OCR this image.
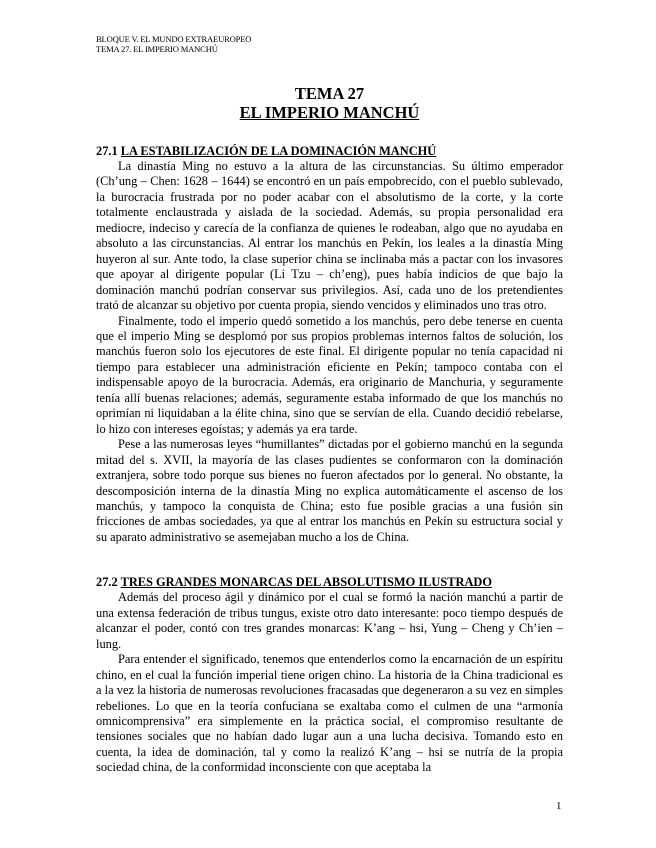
BLOQUE V. EL MUNDO EXTRAEUROPEO
TEMA 27. EL IMPERIO MANCHÚ
TEMA 27
EL IMPERIO MANCHÚ
27.1 LA ESTABILIZACIÓN DE LA DOMINACIÓN MANCHÚ

La dinastía Ming no estuvo a la altura de las circunstancias. Su último emperador (Ch’ung – Chen: 1628 – 1644) se encontró en un país empobrecido, con el pueblo sublevado, la burocracia frustrada por no poder acabar con el absolutismo de la corte, y la corte totalmente enclaustrada y aislada de la sociedad. Además, su propia personalidad era mediocre, indeciso y carecía de la confianza de quienes le rodeaban, algo que no ayudaba en absoluto a las circunstancias. Al entrar los manchús en Pekín, los leales a la dinastía Ming huyeron al sur. Ante todo, la clase superior china se inclinaba más a pactar con los invasores que apoyar al dirigente popular (Li Tzu – ch’eng), pues había indicios de que bajo la dominación manchú podrían conservar sus privilegios. Así, cada uno de los pretendientes trató de alcanzar su objetivo por cuenta propia, siendo vencidos y eliminados uno tras otro.

Finalmente, todo el imperio quedó sometido a los manchús, pero debe tenerse en cuenta que el imperio Ming se desplomó por sus propios problemas internos faltos de solución, los manchús fueron solo los ejecutores de este final. El dirigente popular no tenía capacidad ni tiempo para establecer una administración eficiente en Pekín; tampoco contaba con el indispensable apoyo de la burocracia. Además, era originario de Manchuria, y seguramente tenía allí buenas relaciones; además, seguramente estaba informado de que los manchús no oprimían ni liquidaban a la élite china, sino que se servían de ella. Cuando decidió rebelarse, lo hizo con intereses egoístas; y además ya era tarde.

Pese a las numerosas leyes “humillantes” dictadas por el gobierno manchú en la segunda mitad del s. XVII, la mayoría de las clases pudientes se conformaron con la dominación extranjera, sobre todo porque sus bienes no fueron afectados por lo general. No obstante, la descomposición interna de la dinastía Ming no explica automáticamente el ascenso de los manchús, y tampoco la conquista de China; esto fue posible gracias a una fusión sin fricciones de ambas sociedades, ya que al entrar los manchús en Pekín su estructura social y su aparato administrativo se asemejaban mucho a los de China.

27.2 TRES GRANDES MONARCAS DEL ABSOLUTISMO ILUSTRADO

Además del proceso ágil y dinámico por el cual se formó la nación manchú a partir de una extensa federación de tribus tungus, existe otro dato interesante: poco tiempo después de alcanzar el poder, contó con tres grandes monarcas: K’ang – hsi, Yung – Cheng y Ch’ien – lung.

Para entender el significado, tenemos que entenderlos como la encarnación de un espíritu chino, en el cual la función imperial tiene origen chino. La historia de la China tradicional es a la vez la historia de numerosas revoluciones fracasadas que degeneraron a su vez en simples rebeliones. Lo que en la teoría confuciana se exaltaba como el culmen de una “armonía omnicomprensiva” era simplemente en la práctica social, el compromiso resultante de tensiones sociales que no habían dado lugar aun a una lucha decisiva. Tomando esto en cuenta, la idea de dominación, tal y como la realizó K’ang – hsi se nutría de la propia sociedad china, de la conformidad inconsciente con que aceptaba la

1
